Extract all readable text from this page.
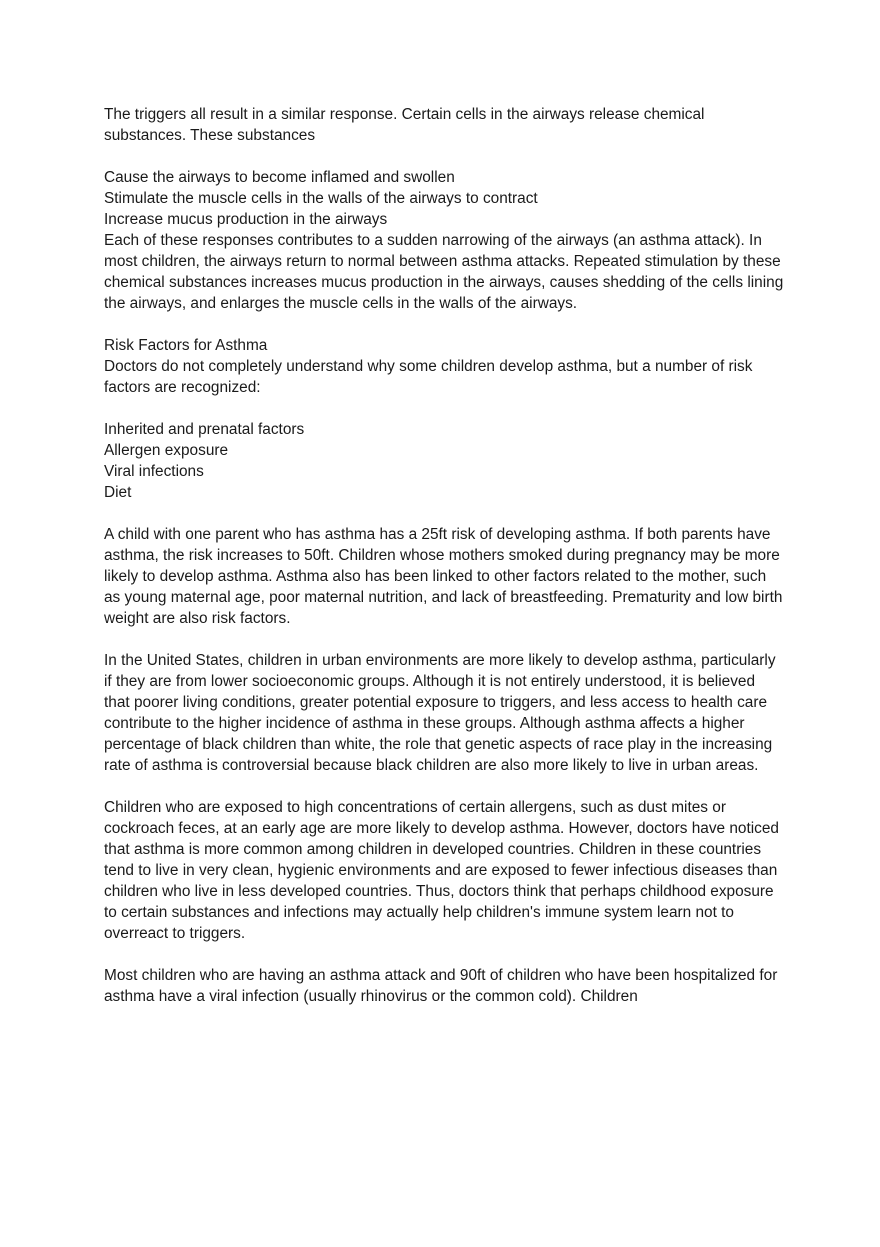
The triggers all result in a similar response. Certain cells in the airways release chemical substances. These substances

Cause the airways to become inflamed and swollen

Stimulate the muscle cells in the walls of the airways to contract

Increase mucus production in the airways

Each of these responses contributes to a sudden narrowing of the airways (an asthma attack). In most children, the airways return to normal between asthma attacks. Repeated stimulation by these chemical substances increases mucus production in the airways, causes shedding of the cells lining the airways, and enlarges the muscle cells in the walls of the airways.

Risk Factors for Asthma

Doctors do not completely understand why some children develop asthma, but a number of risk factors are recognized:

Inherited and prenatal factors

Allergen exposure

Viral infections

Diet

A child with one parent who has asthma has a 25ft risk of developing asthma. If both parents have asthma, the risk increases to 50ft. Children whose mothers smoked during pregnancy may be more likely to develop asthma. Asthma also has been linked to other factors related to the mother, such as young maternal age, poor maternal nutrition, and lack of breastfeeding. Prematurity and low birth weight are also risk factors.

In the United States, children in urban environments are more likely to develop asthma, particularly if they are from lower socioeconomic groups. Although it is not entirely understood, it is believed that poorer living conditions, greater potential exposure to triggers, and less access to health care contribute to the higher incidence of asthma in these groups. Although asthma affects a higher percentage of black children than white, the role that genetic aspects of race play in the increasing rate of asthma is controversial because black children are also more likely to live in urban areas.

Children who are exposed to high concentrations of certain allergens, such as dust mites or cockroach feces, at an early age are more likely to develop asthma. However, doctors have noticed that asthma is more common among children in developed countries. Children in these countries tend to live in very clean, hygienic environments and are exposed to fewer infectious diseases than children who live in less developed countries. Thus, doctors think that perhaps childhood exposure to certain substances and infections may actually help children's immune system learn not to overreact to triggers.

Most children who are having an asthma attack and 90ft of children who have been hospitalized for asthma have a viral infection (usually rhinovirus or the common cold). Children
